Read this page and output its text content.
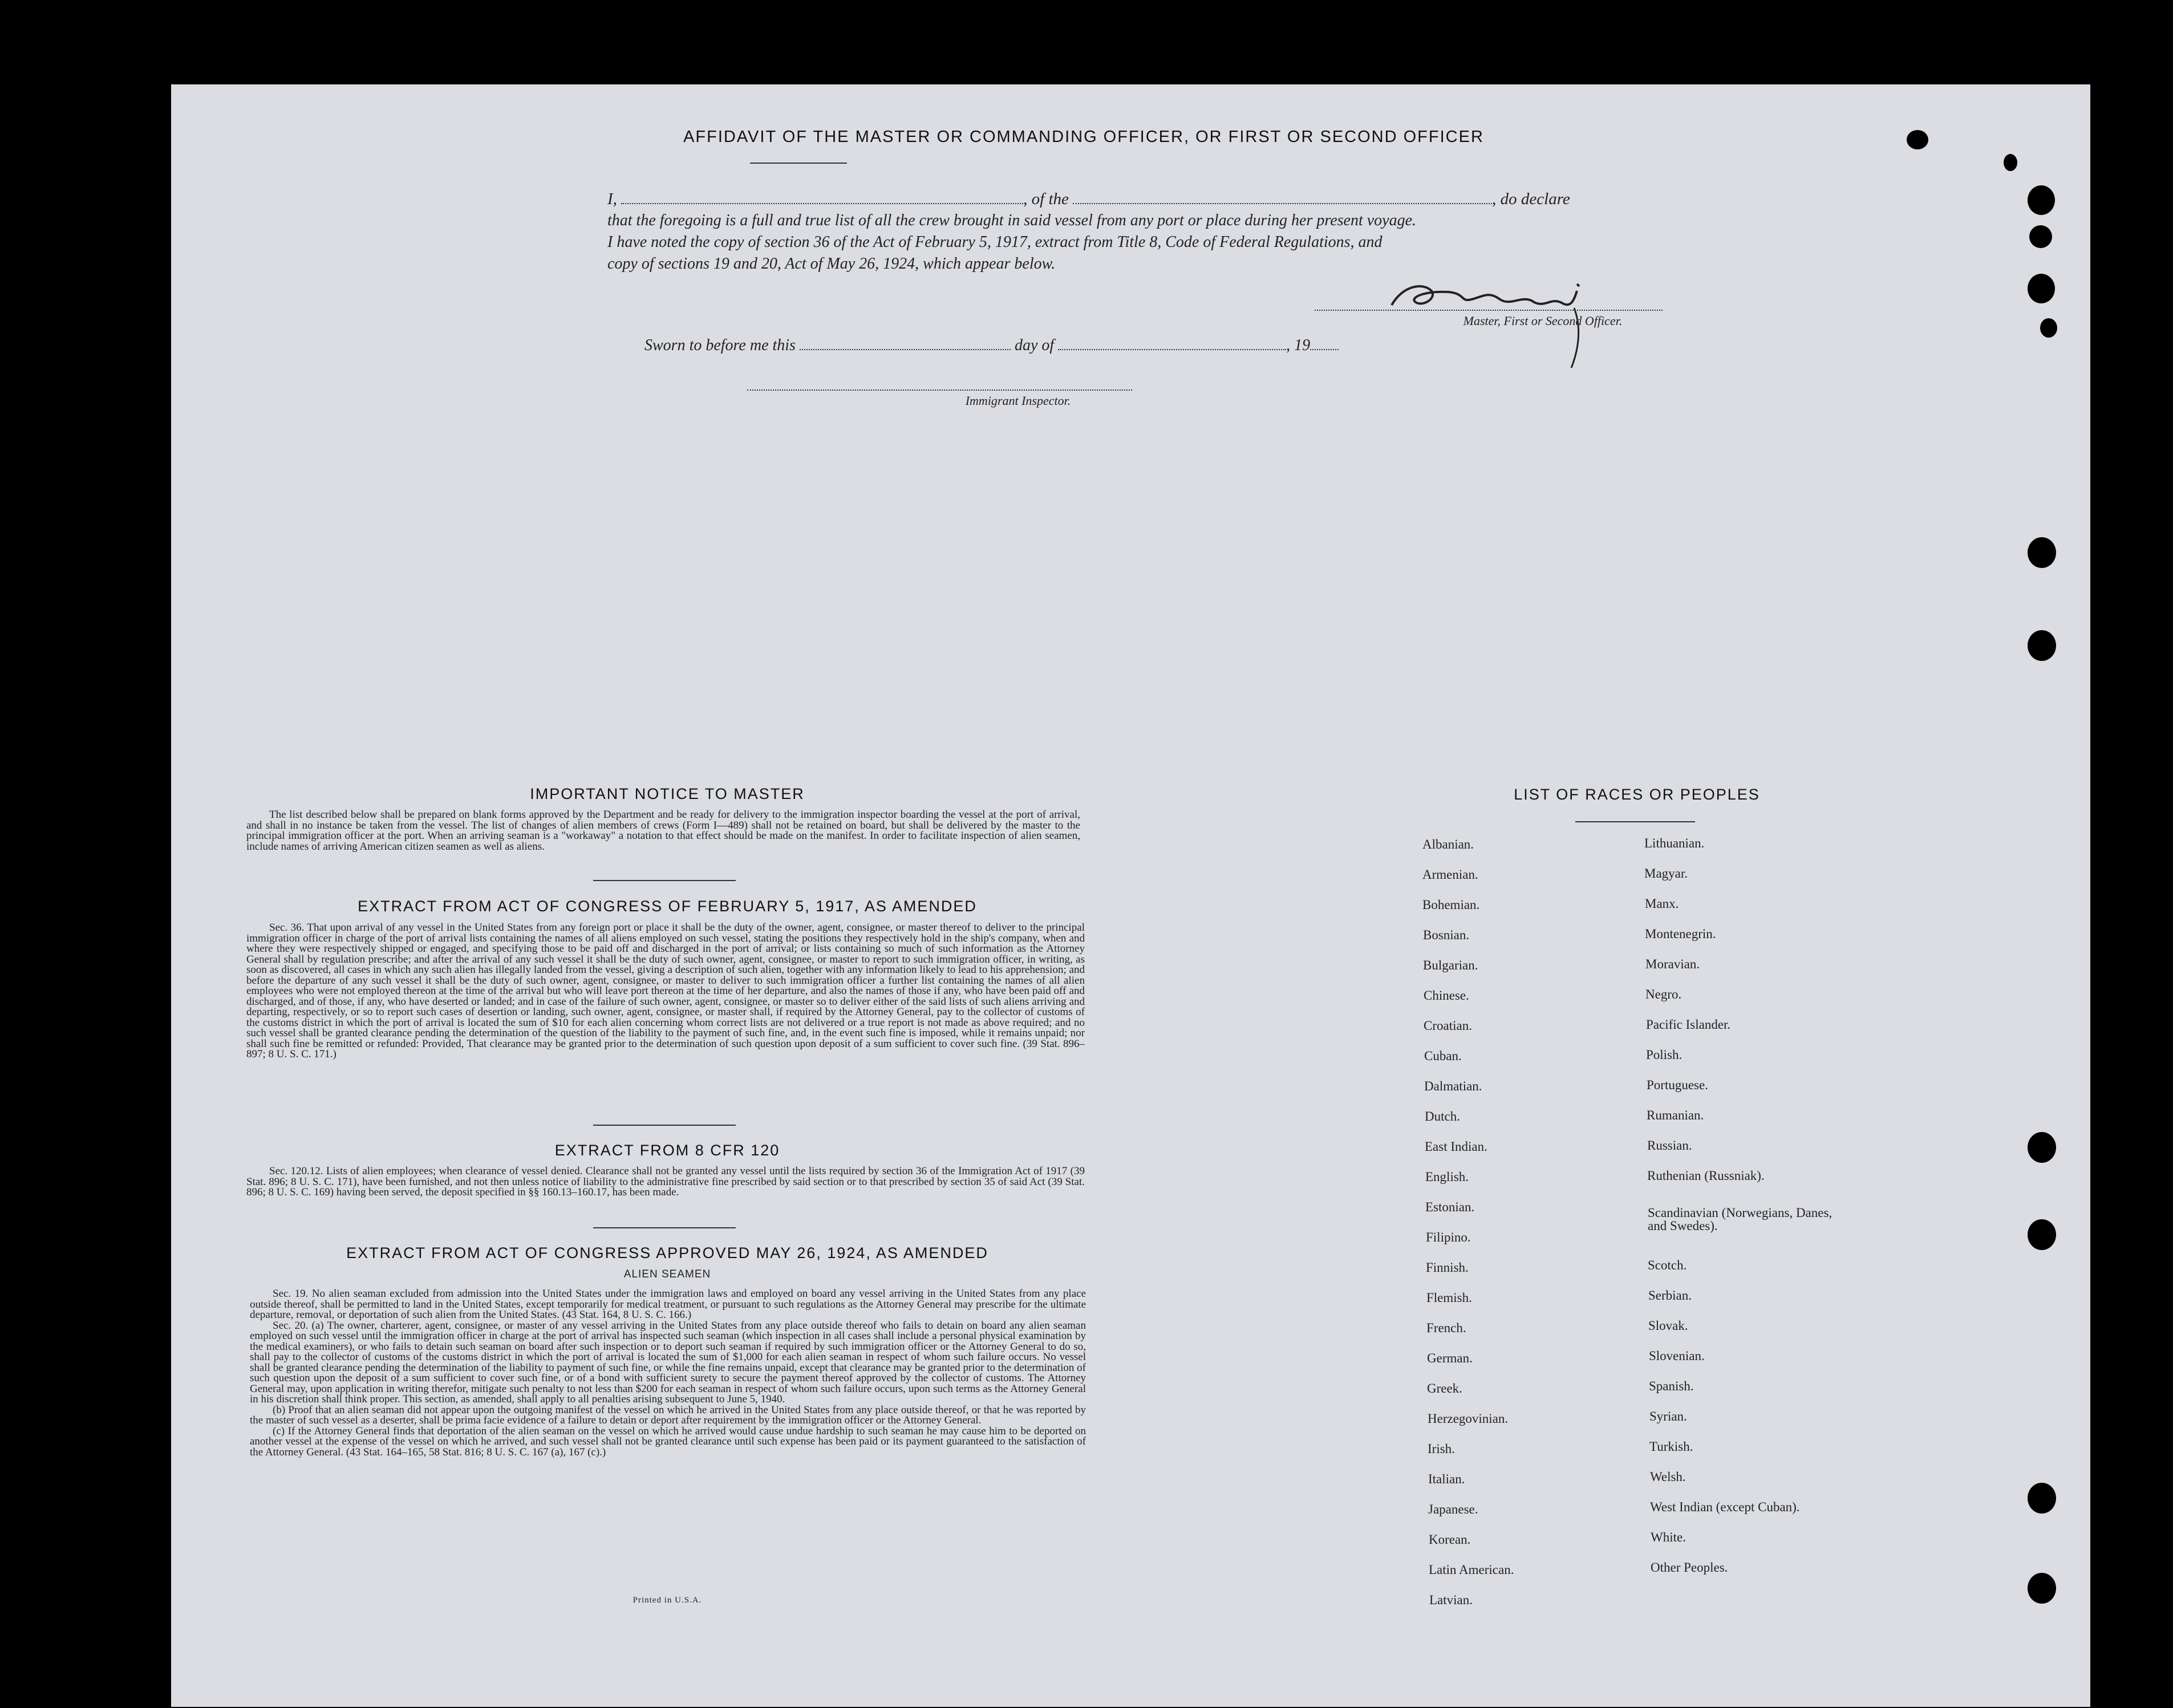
AFFIDAVIT OF THE MASTER OR COMMANDING OFFICER, OR FIRST OR SECOND OFFICER
I,	, of the	, do declare
that the foregoing is a full and true list of all the crew brought in said vessel from any port or place during her present voyage.
I have noted the copy of section 36 of the Act of February 5, 1917, extract from Title 8, Code of Federal Regulations, and
copy of sections 19 and 20, Act of May 26, 1924, which appear below.
Master, First or Second Officer.
Sworn to before me this	day of	, 19
Immigrant Inspector.
IMPORTANT NOTICE TO MASTER

The list described below shall be prepared on blank forms approved by the Department and be ready for delivery to the immigration inspector boarding the vessel at the port of arrival, and shall in no instance be taken from the vessel. The list of changes of alien members of crews (Form I—489) shall not be retained on board, but shall be delivered by the master to the principal immigration officer at the port. When an arriving seaman is a "workaway" a notation to that effect should be made on the manifest. In order to facilitate inspection of alien seamen, include names of arriving American citizen seamen as well as aliens.

EXTRACT FROM ACT OF CONGRESS OF FEBRUARY 5, 1917, AS AMENDED

Sec. 36. That upon arrival of any vessel in the United States from any foreign port or place it shall be the duty of the owner, agent, consignee, or master thereof to deliver to the principal immigration officer in charge of the port of arrival lists containing the names of all aliens employed on such vessel, stating the positions they respectively hold in the ship's company, when and where they were respectively shipped or engaged, and specifying those to be paid off and discharged in the port of arrival; or lists containing so much of such information as the Attorney General shall by regulation prescribe; and after the arrival of any such vessel it shall be the duty of such owner, agent, consignee, or master to report to such immigration officer, in writing, as soon as discovered, all cases in which any such alien has illegally landed from the vessel, giving a description of such alien, together with any information likely to lead to his apprehension; and before the departure of any such vessel it shall be the duty of such owner, agent, consignee, or master to deliver to such immigration officer a further list containing the names of all alien employees who were not employed thereon at the time of the arrival but who will leave port thereon at the time of her departure, and also the names of those if any, who have been paid off and discharged, and of those, if any, who have deserted or landed; and in case of the failure of such owner, agent, consignee, or master so to deliver either of the said lists of such aliens arriving and departing, respectively, or so to report such cases of desertion or landing, such owner, agent, consignee, or master shall, if required by the Attorney General, pay to the collector of customs of the customs district in which the port of arrival is located the sum of $10 for each alien concerning whom correct lists are not delivered or a true report is not made as above required; and no such vessel shall be granted clearance pending the determination of the question of the liability to the payment of such fine, and, in the event such fine is imposed, while it remains unpaid; nor shall such fine be remitted or refunded: Provided, That clearance may be granted prior to the determination of such question upon deposit of a sum sufficient to cover such fine. (39 Stat. 896–897; 8 U. S. C. 171.)

EXTRACT FROM 8 CFR 120

Sec. 120.12. Lists of alien employees; when clearance of vessel denied. Clearance shall not be granted any vessel until the lists required by section 36 of the Immigration Act of 1917 (39 Stat. 896; 8 U. S. C. 171), have been furnished, and not then unless notice of liability to the administrative fine prescribed by said section or to that prescribed by section 35 of said Act (39 Stat. 896; 8 U. S. C. 169) having been served, the deposit specified in §§ 160.13–160.17, has been made.

EXTRACT FROM ACT OF CONGRESS APPROVED MAY 26, 1924, AS AMENDED
ALIEN SEAMEN

Sec. 19. No alien seaman excluded from admission into the United States under the immigration laws and employed on board any vessel arriving in the United States from any place outside thereof, shall be permitted to land in the United States, except temporarily for medical treatment, or pursuant to such regulations as the Attorney General may prescribe for the ultimate departure, removal, or deportation of such alien from the United States. (43 Stat. 164, 8 U. S. C. 166.)

Sec. 20. (a) The owner, charterer, agent, consignee, or master of any vessel arriving in the United States from any place outside thereof who fails to detain on board any alien seaman employed on such vessel until the immigration officer in charge at the port of arrival has inspected such seaman (which inspection in all cases shall include a personal physical examination by the medical examiners), or who fails to detain such seaman on board after such inspection or to deport such seaman if required by such immigration officer or the Attorney General to do so, shall pay to the collector of customs of the customs district in which the port of arrival is located the sum of $1,000 for each alien seaman in respect of whom such failure occurs. No vessel shall be granted clearance pending the determination of the liability to payment of such fine, or while the fine remains unpaid, except that clearance may be granted prior to the determination of such question upon the deposit of a sum sufficient to cover such fine, or of a bond with sufficient surety to secure the payment thereof approved by the collector of customs. The Attorney General may, upon application in writing therefor, mitigate such penalty to not less than $200 for each seaman in respect of whom such failure occurs, upon such terms as the Attorney General in his discretion shall think proper. This section, as amended, shall apply to all penalties arising subsequent to June 5, 1940.

(b) Proof that an alien seaman did not appear upon the outgoing manifest of the vessel on which he arrived in the United States from any place outside thereof, or that he was reported by the master of such vessel as a deserter, shall be prima facie evidence of a failure to detain or deport after requirement by the immigration officer or the Attorney General.

(c) If the Attorney General finds that deportation of the alien seaman on the vessel on which he arrived would cause undue hardship to such seaman he may cause him to be deported on another vessel at the expense of the vessel on which he arrived, and such vessel shall not be granted clearance until such expense has been paid or its payment guaranteed to the satisfaction of the Attorney General. (43 Stat. 164–165, 58 Stat. 816; 8 U. S. C. 167 (a), 167 (c).)

Printed in U.S.A.
LIST OF RACES OR PEOPLES
Albanian.
Armenian.
Bohemian.
Bosnian.
Bulgarian.
Chinese.
Croatian.
Cuban.
Dalmatian.
Dutch.
East Indian.
English.
Estonian.
Filipino.
Finnish.
Flemish.
French.
German.
Greek.
Herzegovinian.
Irish.
Italian.
Japanese.
Korean.
Latin American.
Latvian.
Lithuanian.
Magyar.
Manx.
Montenegrin.
Moravian.
Negro.
Pacific Islander.
Polish.
Portuguese.
Rumanian.
Russian.
Ruthenian (Russniak).
Scandinavian (Norwegians, Danes, and Swedes).
Scotch.
Serbian.
Slovak.
Slovenian.
Spanish.
Syrian.
Turkish.
Welsh.
West Indian (except Cuban).
White.
Other Peoples.
